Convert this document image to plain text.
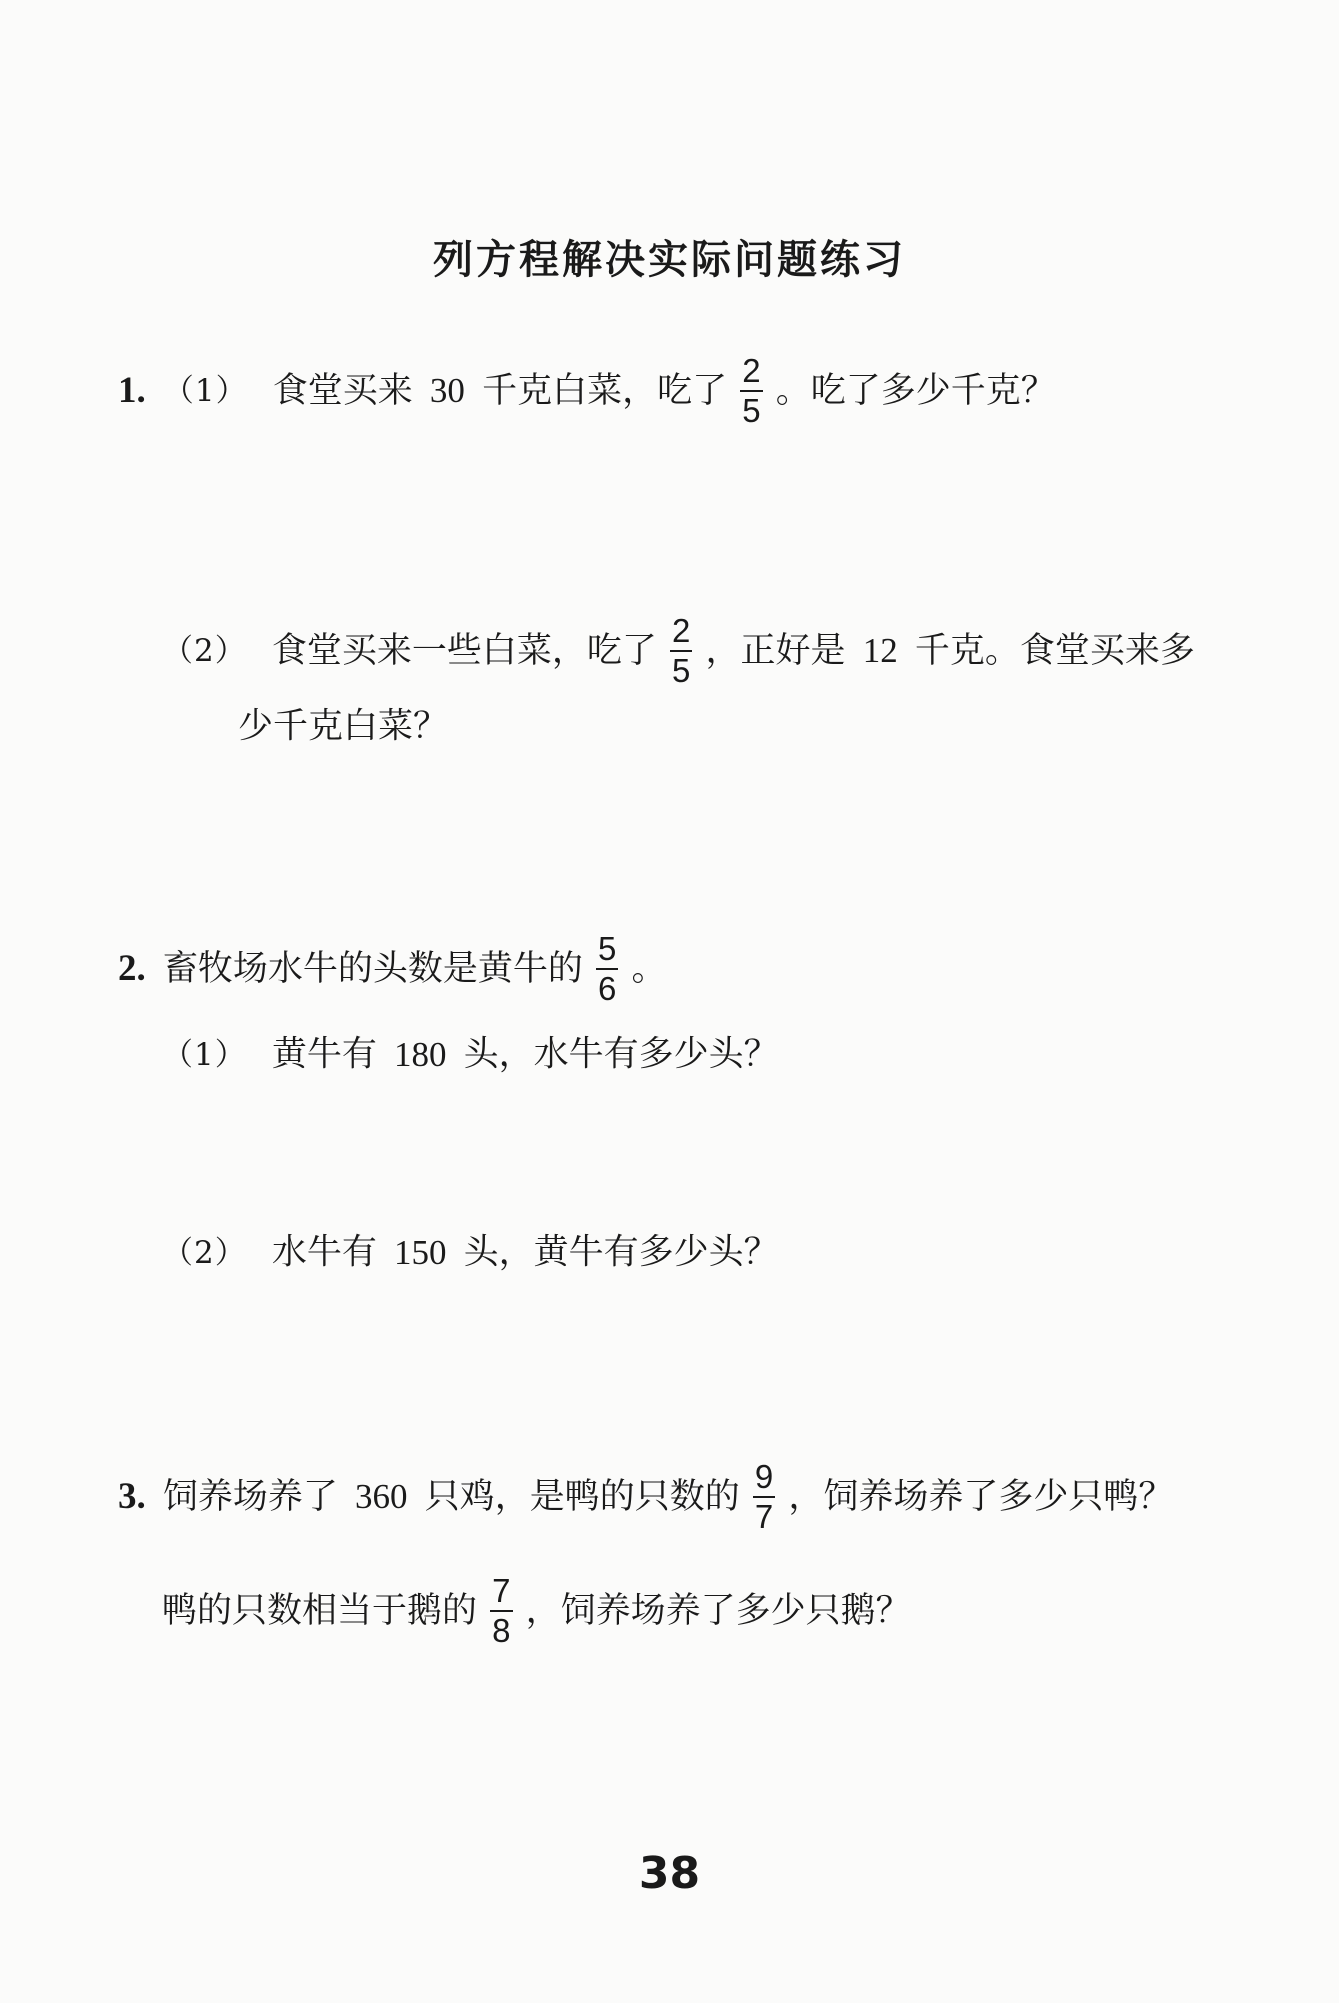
列方程解决实际问题练习
1. （1） 食堂买来 30 千克白菜，吃了 $\frac{2}{5}$ 。吃了多少千克？
（2） 食堂买来一些白菜，吃了 $\frac{2}{5}$ ，正好是 12 千克。食堂买来多
少千克白菜？
2. 畜牧场水牛的头数是黄牛的 $\frac{5}{6}$ 。
（1） 黄牛有 180 头，水牛有多少头？
（2） 水牛有 150 头，黄牛有多少头？
3. 饲养场养了 360 只鸡，是鸭的只数的 $\frac{9}{7}$ ，饲养场养了多少只鸭？
鸭的只数相当于鹅的 $\frac{7}{8}$ ，饲养场养了多少只鹅？
38
